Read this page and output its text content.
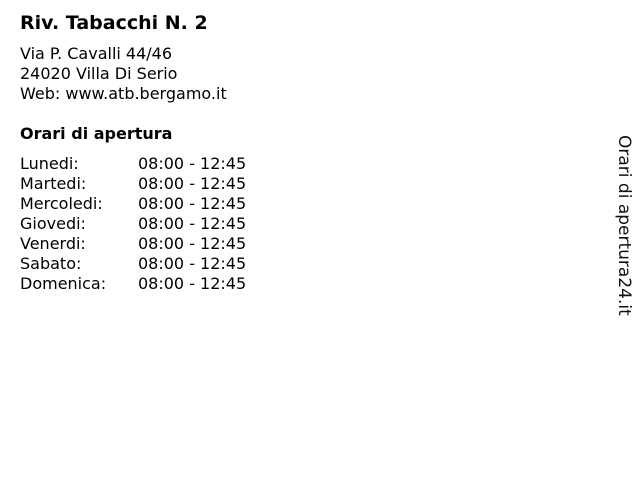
Riv. Tabacchi N. 2
Via P. Cavalli 44/46
24020 Villa Di Serio
Web: www.atb.bergamo.it
Orari di apertura
Lunedi:	08:00 - 12:45
Martedi:	08:00 - 12:45
Mercoledi: 08:00 - 12:45
Giovedi:	08:00 - 12:45
Venerdi:	08:00 - 12:45
Sabato:	08:00 - 12:45
Domenica: 08:00 - 12:45	Orari di apertura24.it
